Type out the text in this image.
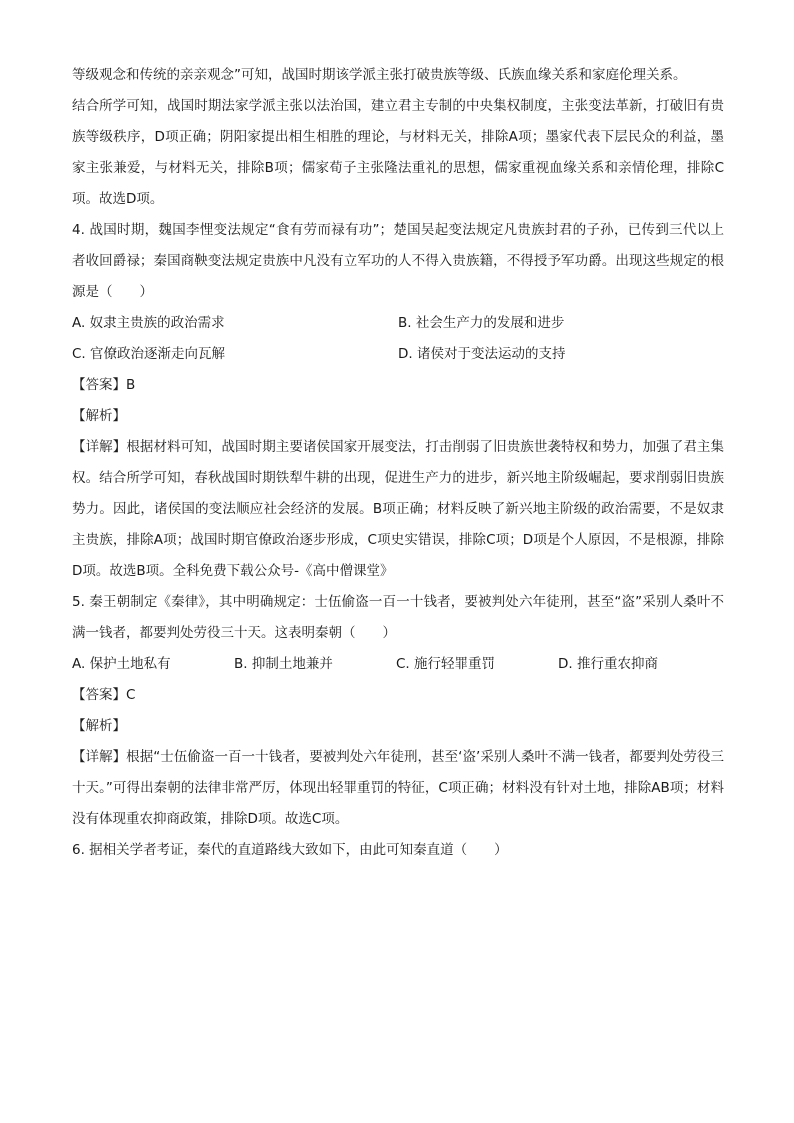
等级观念和传统的亲亲观念”可知，战国时期该学派主张打破贵族等级、氏族血缘关系和家庭伦理关系。

结合所学可知，战国时期法家学派主张以法治国，建立君主专制的中央集权制度，主张变法革新，打破旧有贵族等级秩序，D项正确；阴阳家提出相生相胜的理论，与材料无关，排除A项；墨家代表下层民众的利益，墨家主张兼爱，与材料无关，排除B项；儒家荀子主张隆法重礼的思想，儒家重视血缘关系和亲情伦理，排除C项。故选D项。

4. 战国时期，魏国李悝变法规定“食有劳而禄有功”；楚国吴起变法规定凡贵族封君的子孙，已传到三代以上者收回爵禄；秦国商鞅变法规定贵族中凡没有立军功的人不得入贵族籍，不得授予军功爵。出现这些规定的根源是（　　）

A. 奴隶主贵族的政治需求	B. 社会生产力的发展和进步
C. 官僚政治逐渐走向瓦解	D. 诸侯对于变法运动的支持

【答案】B

【解析】

【详解】根据材料可知，战国时期主要诸侯国家开展变法，打击削弱了旧贵族世袭特权和势力，加强了君主集权。结合所学可知，春秋战国时期铁犁牛耕的出现，促进生产力的进步，新兴地主阶级崛起，要求削弱旧贵族势力。因此，诸侯国的变法顺应社会经济的发展。B项正确；材料反映了新兴地主阶级的政治需要，不是奴隶主贵族，排除A项；战国时期官僚政治逐步形成，C项史实错误，排除C项；D项是个人原因，不是根源，排除D项。故选B项。全科免费下载公众号-《高中僧课堂》

5. 秦王朝制定《秦律》，其中明确规定：士伍偷盗一百一十钱者，要被判处六年徒刑，甚至“盗”采别人桑叶不满一钱者，都要判处劳役三十天。这表明秦朝（　　）

A. 保护土地私有	B. 抑制土地兼并	C. 施行轻罪重罚	D. 推行重农抑商

【答案】C

【解析】

【详解】根据“士伍偷盗一百一十钱者，要被判处六年徒刑，甚至‘盗’采别人桑叶不满一钱者，都要判处劳役三十天。”可得出秦朝的法律非常严厉，体现出轻罪重罚的特征，C项正确；材料没有针对土地，排除AB项；材料没有体现重农抑商政策，排除D项。故选C项。

6. 据相关学者考证，秦代的直道路线大致如下，由此可知秦直道（　　）
